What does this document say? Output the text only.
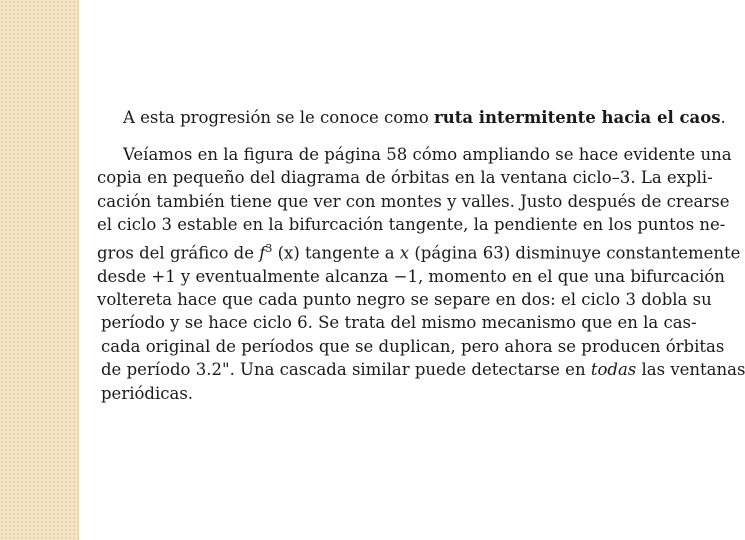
A esta progresión se le conoce como ruta intermitente hacia el caos.

Veíamos en la figura de página 58 cómo ampliando se hace evidente una
copia en pequeño del diagrama de órbitas en la ventana ciclo–3. La expli-
cación también tiene que ver con montes y valles. Justo después de crearse
el ciclo 3 estable en la bifurcación tangente, la pendiente en los puntos ne-
gros del gráfico de $f^3$ (x) tangente a x (página 63) disminuye constantemente
desde +1 y eventualmente alcanza −1, momento en el que una bifurcación
voltereta hace que cada punto negro se separe en dos: el ciclo 3 dobla su
período y se hace ciclo 6. Se trata del mismo mecanismo que en la cas-
cada original de períodos que se duplican, pero ahora se producen órbitas
de período 3.2". Una cascada similar puede detectarse en todas las ventanas
periódicas.
